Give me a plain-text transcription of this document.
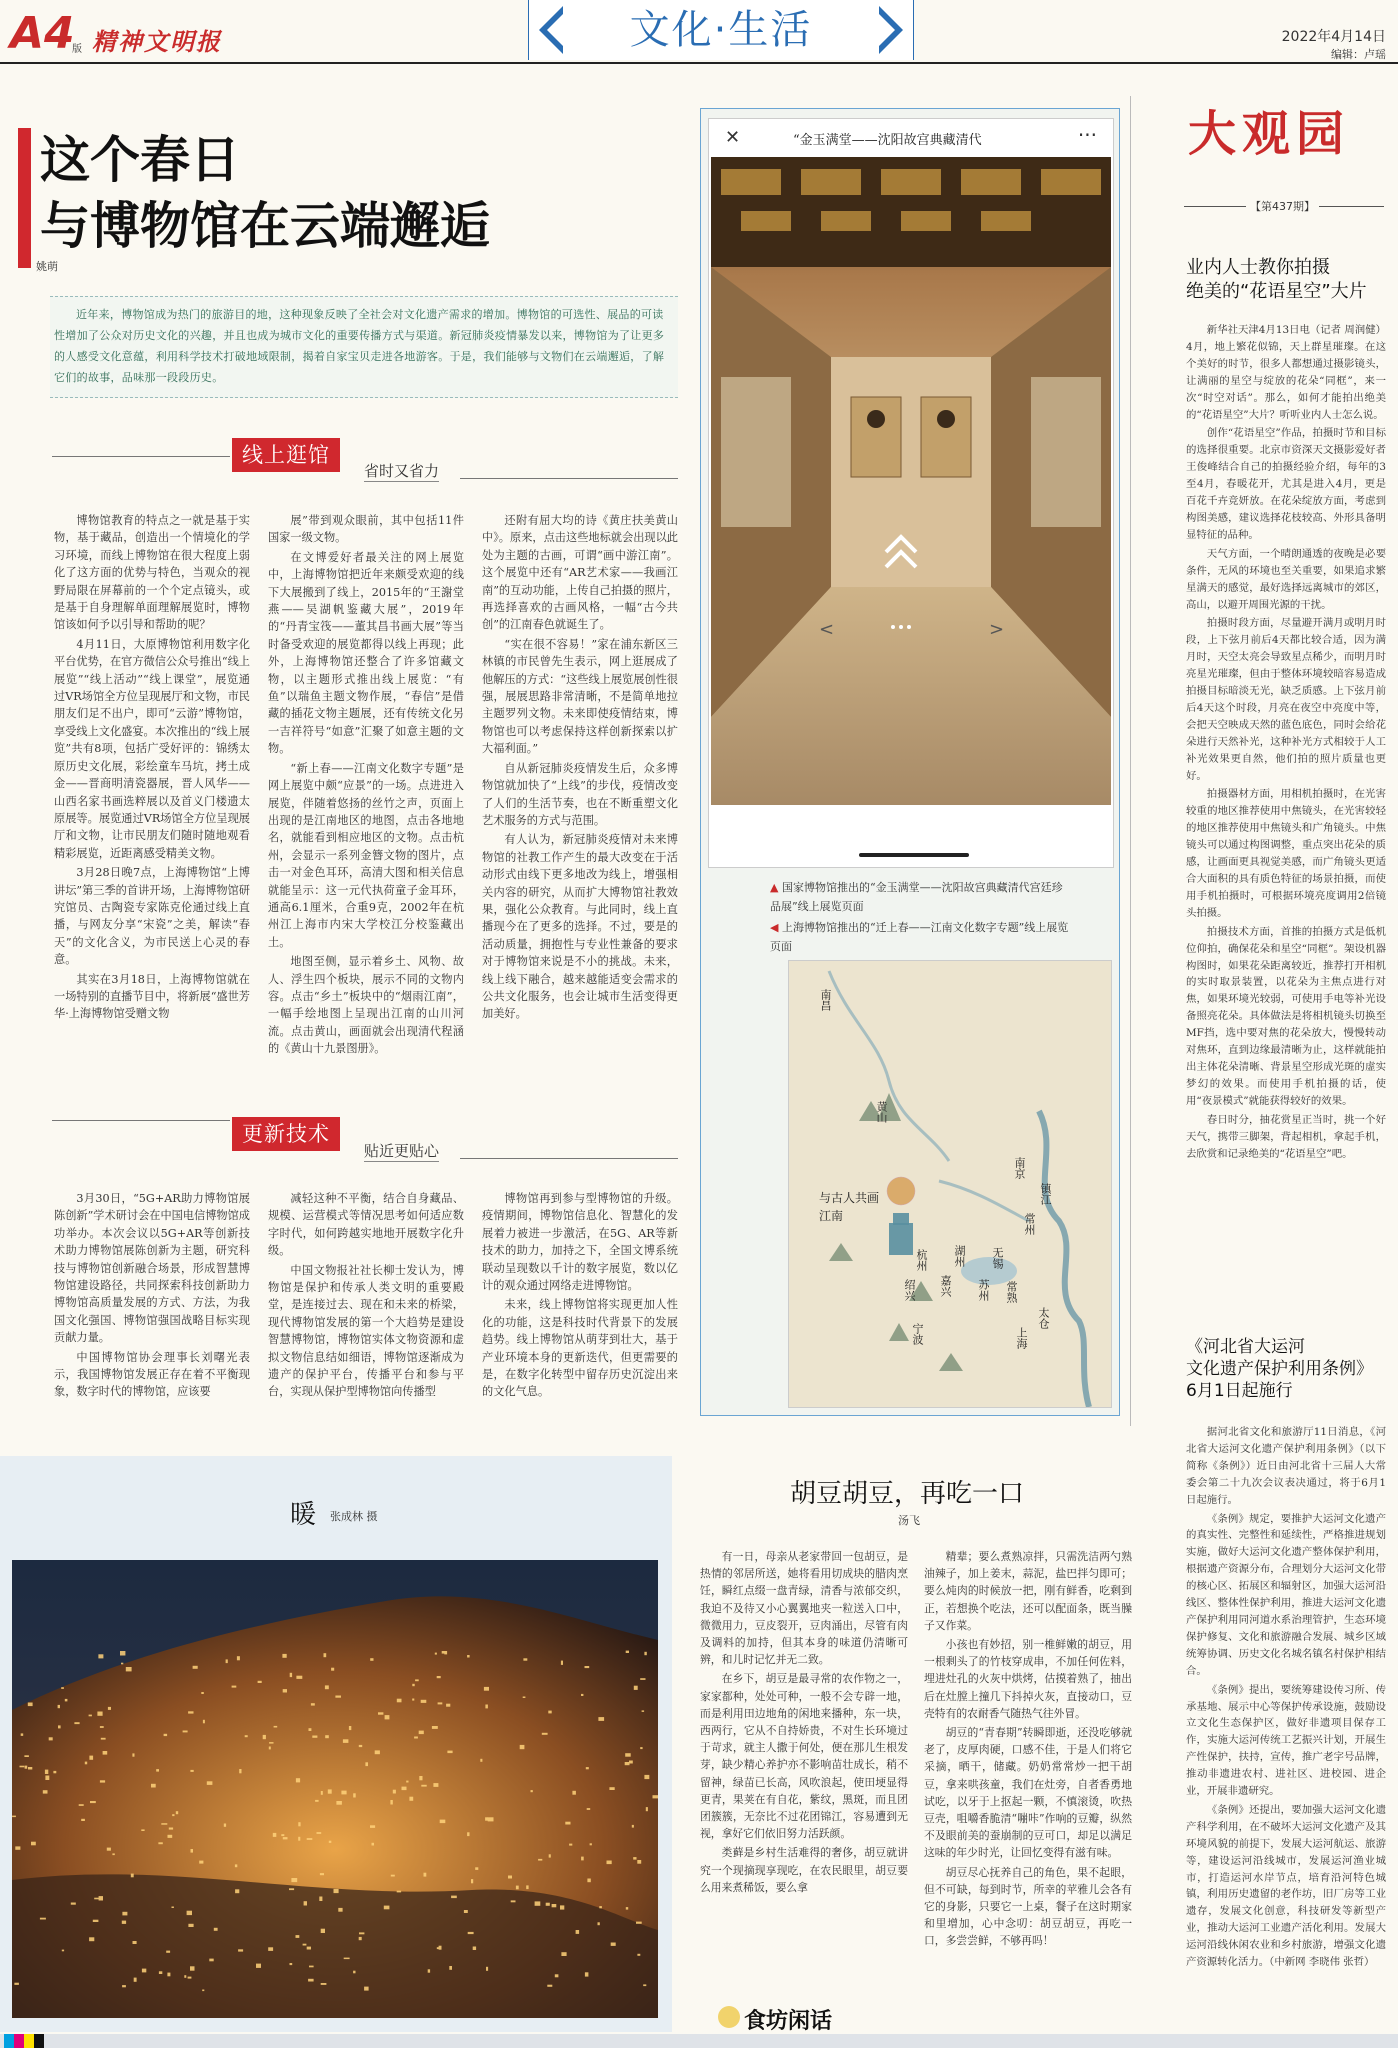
A4
版 精神文明报	文化·生活	2022年4月14日
编辑：卢瑶
这个春日
与博物馆在云端邂逅
姚萌
近年来，博物馆成为热门的旅游目的地，这种现象反映了全社会对文化遗产需求的增加。博物馆的可选性、展品的可读性增加了公众对历史文化的兴趣，并且也成为城市文化的重要传播方式与渠道。新冠肺炎疫情暴发以来，博物馆为了让更多的人感受文化意蕴，利用科学技术打破地域限制，揭着自家宝贝走进各地游客。于是，我们能够与文物们在云端邂逅，了解它们的故事，品味那一段段历史。
线上逛馆
省时又省力

博物馆教育的特点之一就是基于实物，基于藏品，创造出一个情境化的学习环境，而线上博物馆在很大程度上弱化了这方面的优势与特色，当观众的视野局限在屏幕前的一个个定点镜头，或是基于自身理解单面理解展览时，博物馆该如何予以引导和帮助的呢？

4月11日，大原博物馆利用数字化平台优势，在官方微信公众号推出“线上展览”“线上活动”“线上课堂”，展览通过VR场馆全方位呈现展厅和文物，市民朋友们足不出户，即可“云游”博物馆，享受线上文化盛宴。本次推出的“线上展览”共有8项，包括广受好评的：锦绣太原历史文化展，彩绘童车马坑，拷土成金——晋商明清瓷器展，晋人风华——山西名家书画选粹展以及首义门楼遗太原展等。展览通过VR场馆全方位呈现展厅和文物，让市民朋友们随时随地观看精彩展览，近距离感受精美文物。

3月28日晚7点，上海博物馆“上博讲坛”第三季的首讲开场，上海博物馆研究馆员、古陶瓷专家陈克伦通过线上直播，与网友分享“宋瓷”之美，解读“春天”的文化含义，为市民送上心灵的春意。

其实在3月18日，上海博物馆就在一场特别的直播节目中，将新展“盛世芳华·上海博物馆受赠文物

展”带到观众眼前，其中包括11件国家一级文物。

在文博爱好者最关注的网上展览中，上海博物馆把近年来颇受欢迎的线下大展搬到了线上，2015年的“王謝堂燕——吴湖帆鉴藏大展”，2019年的“丹青宝筏——董其昌书画大展”等当时备受欢迎的展览都得以线上再现；此外，上海博物馆还整合了许多馆藏文物，以主题形式推出线上展览：“有鱼”以瑞鱼主题文物作展，“春信”是借藏的插花文物主题展，还有传统文化另一吉祥符号“如意”汇聚了如意主题的文物。

“新上春——江南文化数字专题”是网上展览中颇“应景”的一场。点进进入展览，伴随着悠扬的丝竹之声，页面上出现的是江南地区的地图，点击各地地名，就能看到相应地区的文物。点击杭州，会显示一系列金簪文物的图片，点击一对金色耳环，高清大图和相关信息就能呈示：这一元代执荷童子金耳环，通高6.1厘米，合重9克，2002年在杭州江上海市内宋大学校江分校鉴藏出土。

地图至侧，显示着乡土、风物、故人、浮生四个板块，展示不同的文物内容。点击“乡土”板块中的“烟雨江南”，一幅手绘地图上呈现出江南的山川河流。点击黄山，画面就会出现清代程涵的《黄山十九景图册》。

还附有屈大均的诗《黄庄扶美黄山中》。原来，点击这些地标就会出现以此处为主题的古画，可谓“画中游江南”。这个展览中还有“AR艺术家——我画江南”的互动功能，上传自己拍摄的照片，再选择喜欢的古画风格，一幅“古今共创”的江南春色就诞生了。

“实在很不容易！”家在浦东新区三林镇的市民曾先生表示，网上逛展成了他解压的方式：“这些线上展览展创性很强，展展思路非常清晰，不是简单地拉主题罗列文物。未来即使疫情结束，博物馆也可以考虑保持这样创新探索以扩大福利面。”

自从新冠肺炎疫情发生后，众多博物馆就加快了“上线”的步伐，疫情改变了人们的生活节奏，也在不断重塑文化艺术服务的方式与范围。

有人认为，新冠肺炎疫情对未来博物馆的社教工作产生的最大改变在于活动形式由线下更多地改为线上，增强相关内容的研究，从而扩大博物馆社教效果，强化公众教育。与此同时，线上直播现今在了更多的选择。不过，要是的活动质量，拥抱性与专业性兼备的要求对于博物馆来说是不小的挑战。未来，线上线下融合，越来越能适变会需求的公共文化服务，也会让城市生活变得更加美好。

更新技术
贴近更贴心

3月30日，“5G+AR助力博物馆展陈创新”学术研讨会在中国电信博物馆成功举办。本次会议以5G+AR等创新技术助力博物馆展陈创新为主题，研究科技与博物馆创新融合场景，形成智慧博物馆建设路径，共同探索科技创新助力博物馆高质量发展的方式、方法，为我国文化强国、博物馆强国战略目标实现贡献力量。

中国博物馆协会理事长刘曙光表示，我国博物馆发展正存在着不平衡现象，数字时代的博物馆，应该要

减轻这种不平衡，结合自身藏品、规模、运营模式等情况思考如何适应数字时代，如何跨越实地地开展数字化升级。

中国文物报社社长柳士发认为，博物馆是保护和传承人类文明的重要殿堂，是连接过去、现在和未来的桥梁，现代博物馆发展的第一个大趋势是建设智慧博物馆，博物馆实体文物资源和虚拟文物信息结如细语，博物馆逐渐成为遗产的保护平台，传播平台和参与平台，实现从保护型博物馆向传播型

博物馆再到参与型博物馆的升级。疫情期间，博物馆信息化、智慧化的发展着力被进一步激活，在5G、AR等新技术的助力，加持之下，全国文博系统联动呈现数以千计的数字展览，数以亿计的观众通过网络走进博物馆。

未来，线上博物馆将实现更加人性化的功能，这是科技时代背景下的发展趋势。线上博物馆从萌芽到壮大，基于产业环境本身的更新迭代，但更需要的是，在数字化转型中留存历史沉淀出来的文化气息。

✕	“金玉满堂——沈阳故宫典藏清代	···
<	>
▲ 国家博物馆推出的“金玉满堂——沈阳故宫典藏清代宫廷珍品展”线上展览页面
◀ 上海博物馆推出的“迁上春——江南文化数字专题”线上展览页面
南昌
黄山
南京
镇江
常州
无锡
苏州
湖州
嘉兴
杭州
绍兴
宁波	上海
太仓
常熟
与古人共画江南
大观园
【第437期】
业内人士教你拍摄
绝美的“花语星空”大片

新华社天津4月13日电（记者 周润健）4月，地上繁花似锦，天上群星璀璨。在这个美好的时节，很多人都想通过摄影镜头，让满丽的星空与绽放的花朵“同框”，来一次“时空对话”。那么，如何才能拍出绝美的“花语星空”大片？听听业内人士怎么说。

创作“花语星空”作品，拍摄时节和目标的选择很重要。北京市资深天文摄影爱好者王俊峰结合自己的拍摄经验介绍，每年的3至4月，春暖花开，尤其是进入4月，更是百花千卉竞妍放。在花朵绽放方面，考虑到构图美感，建议选择花枝较高、外形具备明显特征的品种。

天气方面，一个晴朗通透的夜晚是必要条件，无风的环境也至关重要，如果追求繁星满天的感觉，最好选择远离城市的郊区，高山，以避开周围光源的干扰。

拍摄时段方面，尽量避开满月或明月时段，上下弦月前后4天都比较合适，因为满月时，天空太亮会导致星点稀少，而明月时亮星光璀璨，但由于整体环境较暗容易造成拍摄目标暗淡无光，缺乏质感。上下弦月前后4天这个时段，月亮在夜空中亮度中等，会把天空映成天然的蓝色底色，同时会给花朵进行天然补光，这种补光方式相较于人工补光效果更自然，他们拍的照片质量也更好。

拍摄器材方面，用相机拍摄时，在光害较重的地区推荐使用中焦镜头，在光害较轻的地区推荐使用中焦镜头和广角镜头。中焦镜头可以通过构图调整，重点突出花朵的质感，让画面更具视觉美感，而广角镜头更适合大面积的具有质色特征的场景拍摄，而使用手机拍摄时，可根据环境亮度调用2倍镜头拍摄。

拍摄技术方面，首推的拍摄方式是低机位仰拍，确保花朵和星空“同框”。架设机器构图时，如果花朵距离较近，推荐打开相机的实时取景装置，以花朵为主焦点进行对焦，如果环境光较弱，可使用手电等补光设备照亮花朵。具体做法是将相机镜头切换至MF挡，选中要对焦的花朵放大，慢慢转动对焦环，直到边缘最清晰为止，这样就能拍出主体花朵清晰、背景星空形成光斑的虚实梦幻的效果。而使用手机拍摄的话，使用“夜景模式”就能获得较好的效果。

春日时分，抽花赏星正当时，挑一个好天气，携带三脚架，背起相机，拿起手机，去欣赏和记录绝美的“花语星空”吧。

《河北省大运河
文化遗产保护利用条例》
6月1日起施行

据河北省文化和旅游厅11日消息，《河北省大运河文化遗产保护利用条例》（以下简称《条例》）近日由河北省十三届人大常委会第二十九次会议表决通过，将于6月1日起施行。

《条例》规定，要推护大运河文化遗产的真实性、完整性和延续性，严格推进规划实施，做好大运河文化遗产整体保护利用，根据遗产资源分布，合理划分大运河文化带的核心区、拓展区和辐射区，加强大运河沿线区、整体性保护利用，推进大运河文化遗产保护利用同河道水系治理管护，生态环境保护修复、文化和旅游融合发展、城乡区域统筹协调、历史文化名城名镇名村保护相结合。

《条例》提出，要统筹建设传习所、传承基地、展示中心等保护传承设施，鼓励设立文化生态保护区，做好非遗项目保存工作，实施大运河传统工艺振兴计划，开展生产性保护，扶持，宣传，推广老字号品牌，推动非遗进农村、进社区、进校园、进企业，开展非遗研究。

《条例》还提出，要加强大运河文化遗产科学利用，在不破坏大运河文化遗产及其环境风貌的前提下，发展大运河航运、旅游等，建设运河沿线城市，发展运河渔业城市，打造运河水岸节点，培育沿河特色城镇，利用历史遗留的老作坊，旧厂房等工业遗存，发展文化创意，科技研发等新型产业，推动大运河工业遗产活化利用。发展大运河沿线休闲农业和乡村旅游，增强文化遗产资源转化活力。（中新网 李晓伟 张哲）

暖 张成林 摄
胡豆胡豆，再吃一口
汤飞

有一日，母亲从老家带回一包胡豆，是热情的邻居所送，她将看用切成块的腊肉烹饪，瞬红点缀一盘青绿，清香与浓郁交织，我迫不及待又小心翼翼地夹一粒送入口中，微微用力，豆皮裂开，豆肉涌出，尽管有肉及调料的加持，但其本身的味道仍清晰可辨，和儿时记忆并无二致。

在乡下，胡豆是最寻常的农作物之一，家家都种，处处可种，一般不会专辟一地，而是利用田边地角的闲地来播种，东一块，西两行，它从不自持娇贵，不对生长环境过于苛求，就主人撒于何处，便在那儿生根发芽，缺少精心养护亦不影响苗壮成长，稍不留神，绿苗已长高，风吹浪起，使田埂显得更青，果荚在有自花，紫纹，黑斑，而且团团簇簇，无奈比不过花团锦江，容易遭到无视，拿好它们依旧努力活跃颜。

类藓是乡村生活难得的奢侈，胡豆就讲究一个现摘现享现吃，在农民眼里，胡豆要么用来煮稀饭，要么拿

精辈；要么煮熟凉拌，只需洗洁两勺熟油辣子，加上姜末，蒜泥，盐巴拌匀即可；要么炖肉的时候放一把，刚有鲜香，吃剩到正，若想换个吃法，还可以配面条，既当臊子又作菜。

小孩也有妙招，别一椎鲜嫩的胡豆，用一根剩头了的竹枝穿成串，不加任何佐料，埋进灶孔的火灰中烘烤，估摸着熟了，抽出后在灶膛上撞几下抖掉火灰，直接动口，豆壳特有的农耐香气随热气往外冒。

胡豆的“青春期”转瞬即逝，还没吃够就老了，皮厚肉硬，口感不佳，于是人们将它采摘，晒干，储藏。奶奶常常炒一把干胡豆，拿来哄孩童，我们在灶旁，自者香勇地试吃，以牙于上抠起一颗，不慎滚烫，吹热豆壳，咀嚼香脆清“嘣咔”作响的豆瓣，纵然不及眼前美的蚕崩制的豆可口，却足以满足这味的年少时光，让回忆变得有滋有味。

胡豆尽心抚养自己的角色，果不起眼，但不可缺，每到时节，所幸的苹雅儿会各有它的身影，只要它一上桌，餐子在这时期家和里增加，心中念叨：胡豆胡豆，再吃一口，多尝尝鲜，不够再吗！

食坊闲话
